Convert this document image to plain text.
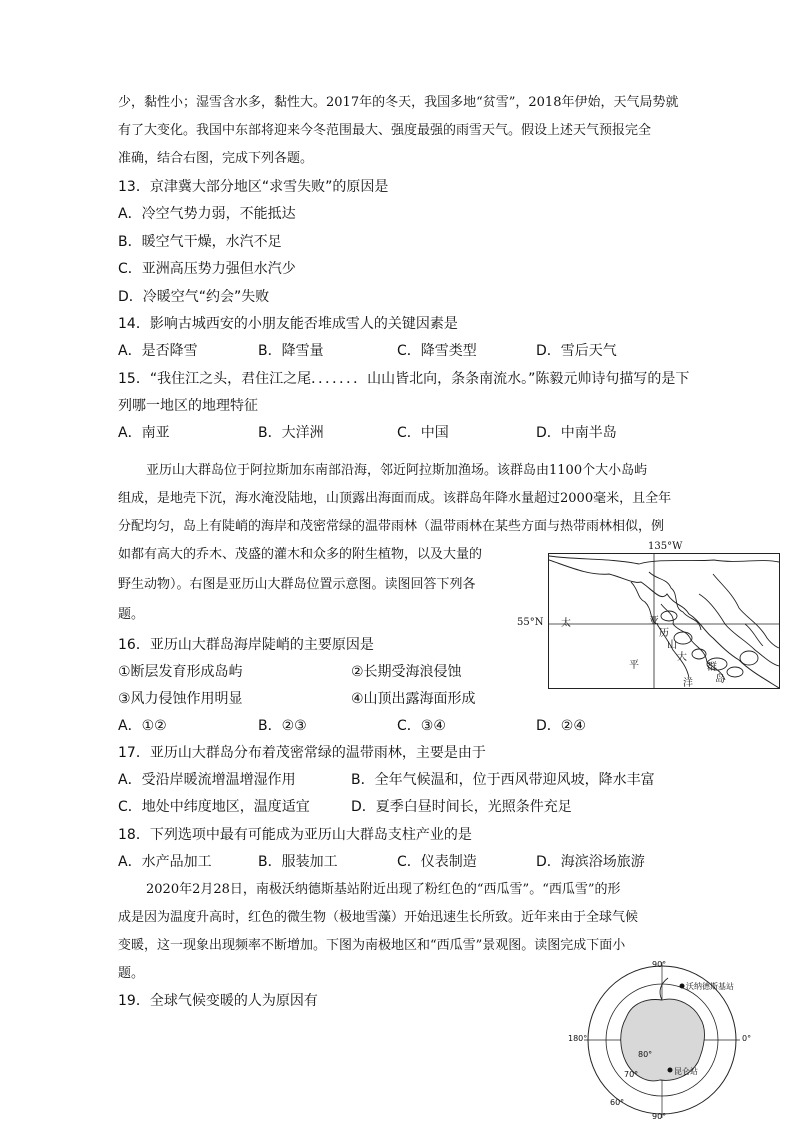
少，黏性小；湿雪含水多，黏性大。2017年的冬天，我国多地“贫雪”，2018年伊始，天气局势就
有了大变化。我国中东部将迎来今冬范围最大、强度最强的雨雪天气。假设上述天气预报完全
准确，结合右图，完成下列各题。
13．京津冀大部分地区“求雪失败”的原因是
A．冷空气势力弱，不能抵达
B．暖空气干燥，水汽不足
C．亚洲高压势力强但水汽少
D．冷暖空气“约会”失败
14．影响古城西安的小朋友能否堆成雪人的关键因素是
A．是否降雪	B．降雪量	C．降雪类型	D．雪后天气
15．“我住江之头，君住江之尾．．．．．．．山山皆北向，条条南流水。”陈毅元帅诗句描写的是下
列哪一地区的地理特征
A．南亚	B．大洋洲	C．中国	D．中南半岛
亚历山大群岛位于阿拉斯加东南部沿海，邻近阿拉斯加渔场。该群岛由1100个大小岛屿
组成，是地壳下沉，海水淹没陆地，山顶露出海面而成。该群岛年降水量超过2000毫米，且全年
分配均匀，岛上有陡峭的海岸和茂密常绿的温带雨林（温带雨林在某些方面与热带雨林相似，例
如都有高大的乔木、茂盛的灌木和众多的附生植物，以及大量的
野生动物）。右图是亚历山大群岛位置示意图。读图回答下列各
题。
135°W
55°N 太
平
洋
亚
历
山
大
群
岛
16．亚历山大群岛海岸陡峭的主要原因是
①断层发育形成岛屿	②长期受海浪侵蚀
③风力侵蚀作用明显	④山顶出露海面形成
A．①②	B．②③	C．③④	D．②④
17．亚历山大群岛分布着茂密常绿的温带雨林，主要是由于
A．受沿岸暖流增温增湿作用	B．全年气候温和，位于西风带迎风坡，降水丰富
C．地处中纬度地区，温度适宜	D．夏季白昼时间长，光照条件充足
18．下列选项中最有可能成为亚历山大群岛支柱产业的是
A．水产品加工	B．服装加工	C．仪表制造	D．海滨浴场旅游
2020年2月28日，南极沃纳德斯基站附近出现了粉红色的“西瓜雪”。“西瓜雪”的形
成是因为温度升高时，红色的微生物（极地雪藻）开始迅速生长所致。近年来由于全球气候
变暖，这一现象出现频率不断增加。下图为南极地区和“西瓜雪”景观图。读图完成下面小
题。
19．全球气候变暖的人为原因有
90°
180°	0°
90°
80°
70°
60°
沃纳德斯基站
昆仑站
